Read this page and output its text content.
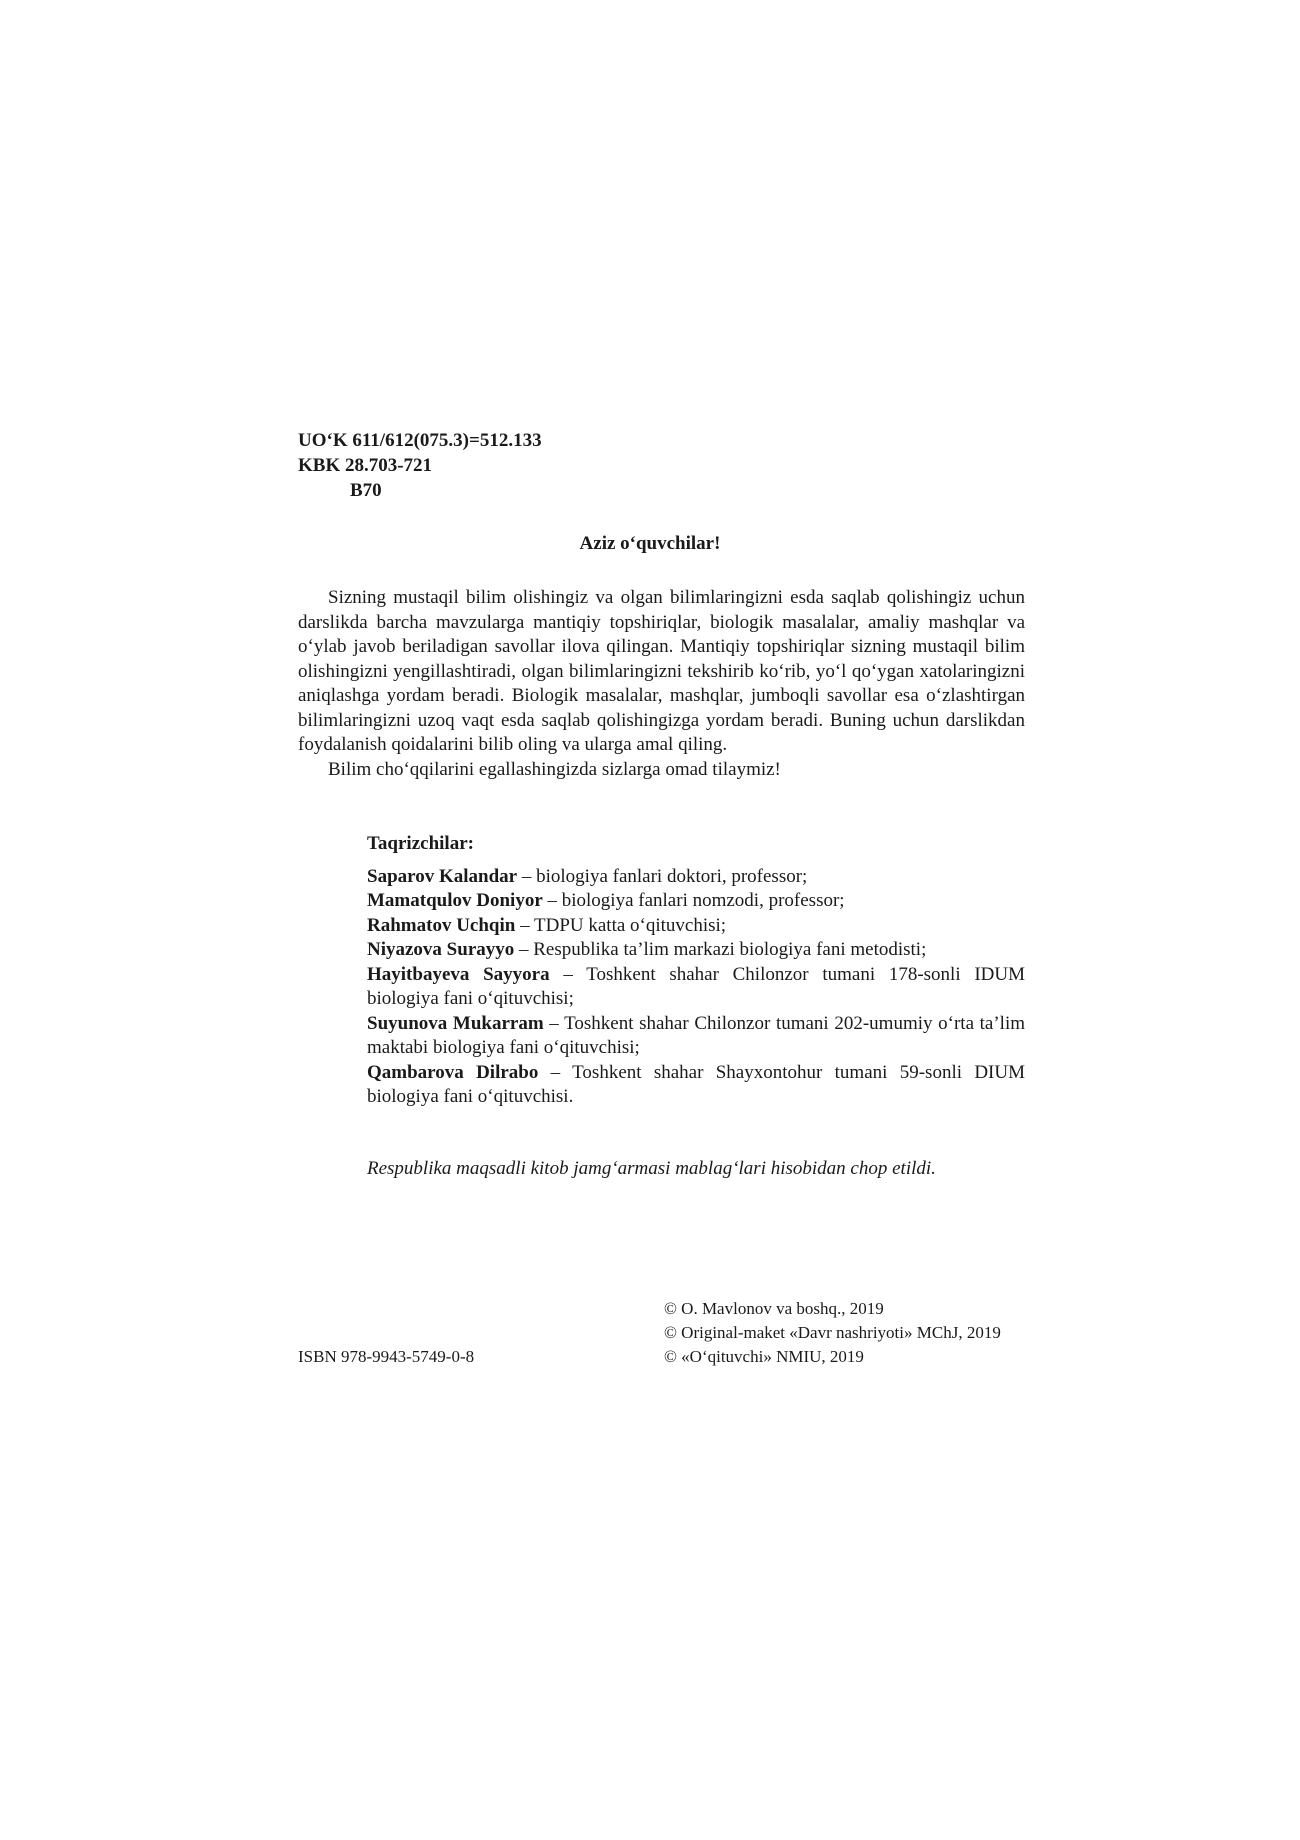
UO‘K 611/612(075.3)=512.133
KBK 28.703-721
B70
Aziz o‘quvchilar!

Sizning mustaqil bilim olishingiz va olgan bilimlaringizni esda saqlab qolishingiz uchun darslikda barcha mavzularga mantiqiy topshiriqlar, biologik masalalar, amaliy mashqlar va o‘ylab javob beriladigan savollar ilova qilingan. Mantiqiy topshiriqlar sizning mustaqil bilim olishingizni yengillashtiradi, olgan bilimlaringizni tekshirib ko‘rib, yo‘l qo‘ygan xatolaringizni aniqlashga yordam beradi. Biologik masalalar, mashqlar, jumboqli savollar esa o‘zlashtirgan bilimlaringizni uzoq vaqt esda saqlab qolishingizga yordam beradi. Buning uchun darslikdan foydalanish qoidalarini bilib oling va ularga amal qiling.

Bilim cho‘qqilarini egallashingizda sizlarga omad tilaymiz!

Taqrizchilar:

Saparov Kalandar – biologiya fanlari doktori, professor;

Mamatqulov Doniyor – biologiya fanlari nomzodi, professor;

Rahmatov Uchqin – TDPU katta o‘qituvchisi;

Niyazova Surayyo – Respublika ta’lim markazi biologiya fani metodisti;

Hayitbayeva Sayyora – Toshkent shahar Chilonzor tumani 178-sonli IDUM biologiya fani o‘qituvchisi;

Suyunova Mukarram – Toshkent shahar Chilonzor tumani 202-umumiy o‘rta ta’lim maktabi biologiya fani o‘qituvchisi;

Qambarova Dilrabo – Toshkent shahar Shayxontohur tumani 59-sonli DIUM biologiya fani o‘qituvchisi.

Respublika maqsadli kitob jamg‘armasi mablag‘lari hisobidan chop etildi.
© O. Mavlonov va boshq., 2019
© Original-maket «Davr nashriyoti» MChJ, 2019
© «O‘qituvchi» NMIU, 2019
ISBN 978-9943-5749-0-8
